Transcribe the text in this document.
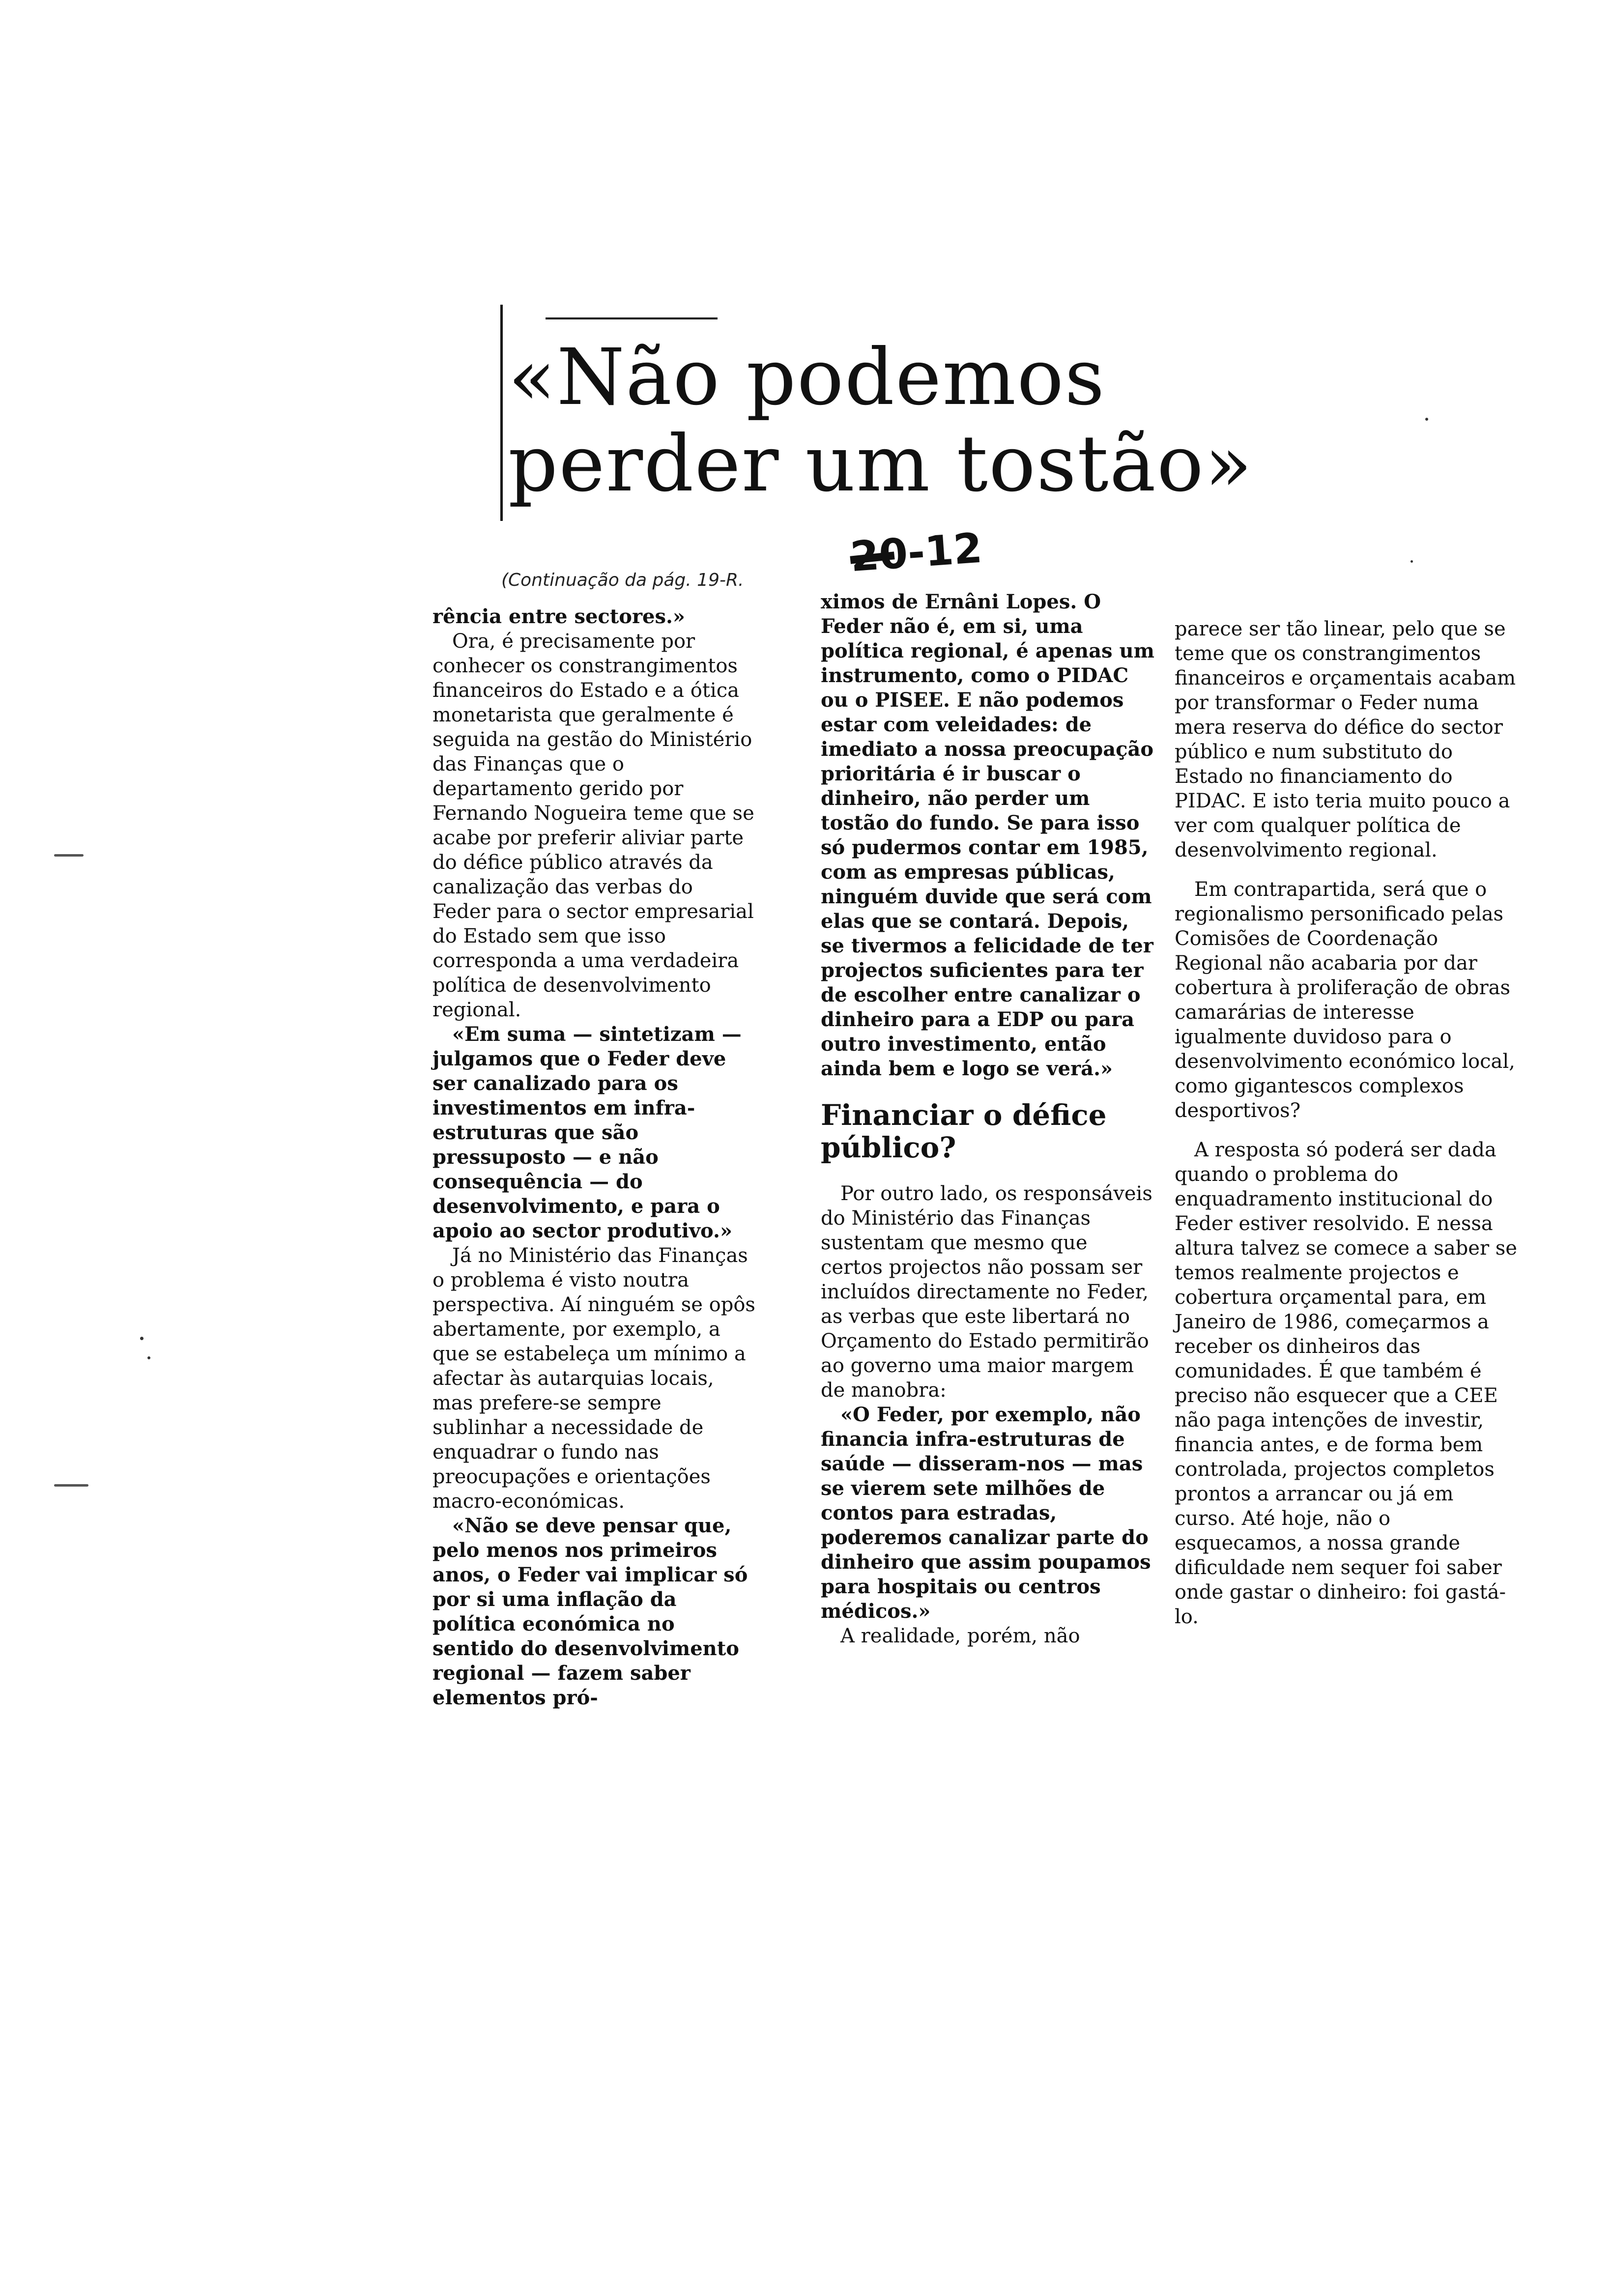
«Não podemos
perder um tostão»
20-12
(Continuação da pág. 19-R.

rência entre sectores.»

Ora, é precisamente por conhecer os constrangimentos financeiros do Estado e a ótica monetarista que geralmente é seguida na gestão do Ministério das Finanças que o departamento gerido por Fernando Nogueira teme que se acabe por preferir aliviar parte do défice público através da canalização das verbas do Feder para o sector empresarial do Estado sem que isso corresponda a uma verdadeira política de desenvolvimento regional.

«Em suma — sintetizam — julgamos que o Feder deve ser canalizado para os investimentos em infra-estruturas que são pressuposto — e não consequência — do desenvolvimento, e para o apoio ao sector produtivo.»

Já no Ministério das Finanças o problema é visto noutra perspectiva. Aí ninguém se opôs abertamente, por exemplo, a que se estabeleça um mínimo a afectar às autarquias locais, mas prefere-se sempre sublinhar a necessidade de enquadrar o fundo nas preocupações e orientações macro-económicas.

«Não se deve pensar que, pelo menos nos primeiros anos, o Feder vai implicar só por si uma inflação da política económica no sentido do desenvolvimento regional — fazem saber elementos pró-

ximos de Ernâni Lopes. O Feder não é, em si, uma política regional, é apenas um instrumento, como o PIDAC ou o PISEE. E não podemos estar com veleidades: de imediato a nossa preocupação prioritária é ir buscar o dinheiro, não perder um tostão do fundo. Se para isso só pudermos contar em 1985, com as empresas públicas, ninguém duvide que será com elas que se contará. Depois, se tivermos a felicidade de ter projectos suficientes para ter de escolher entre canalizar o dinheiro para a EDP ou para outro investimento, então ainda bem e logo se verá.»

Financiar o défice público?

Por outro lado, os responsáveis do Ministério das Finanças sustentam que mesmo que certos projectos não possam ser incluídos directamente no Feder, as verbas que este libertará no Orçamento do Estado permitirão ao governo uma maior margem de manobra:

«O Feder, por exemplo, não financia infra-estruturas de saúde — disseram-nos — mas se vierem sete milhões de contos para estradas, poderemos canalizar parte do dinheiro que assim poupamos para hospitais ou centros médicos.»

A realidade, porém, não

parece ser tão linear, pelo que se teme que os constrangimentos financeiros e orçamentais acabam por transformar o Feder numa mera reserva do défice do sector público e num substituto do Estado no financiamento do PIDAC. E isto teria muito pouco a ver com qualquer política de desenvolvimento regional.

Em contrapartida, será que o regionalismo personificado pelas Comisões de Coordenação Regional não acabaria por dar cobertura à proliferação de obras camarárias de interesse igualmente duvidoso para o desenvolvimento económico local, como gigantescos complexos desportivos?

A resposta só poderá ser dada quando o problema do enquadramento institucional do Feder estiver resolvido. E nessa altura talvez se comece a saber se temos realmente projectos e cobertura orçamental para, em Janeiro de 1986, começarmos a receber os dinheiros das comunidades. É que também é preciso não esquecer que a CEE não paga intenções de investir, financia antes, e de forma bem controlada, projectos completos prontos a arrancar ou já em curso. Até hoje, não o esquecamos, a nossa grande dificuldade nem sequer foi saber onde gastar o dinheiro: foi gastá-lo.
